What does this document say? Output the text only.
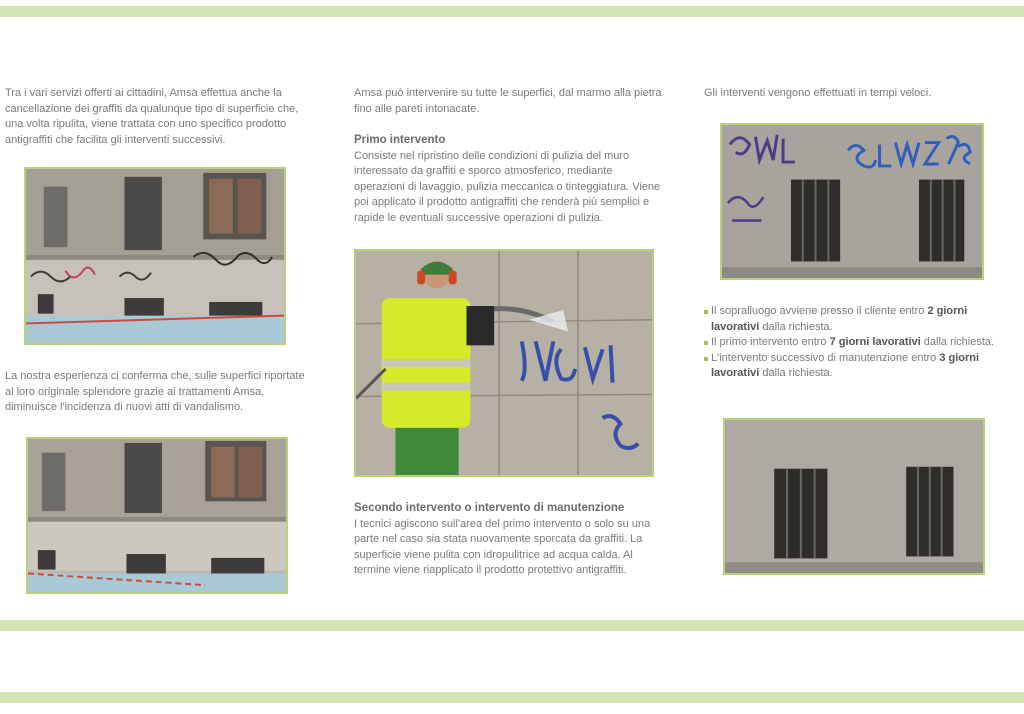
Tra i vari servizi offerti ai cittadini, Amsa effettua anche la cancellazione dei graffiti da qualunque tipo di superficie che, una volta ripulita, viene trattata con uno specifico prodotto antigraffiti che facilita gli interventi successivi.

La nostra esperienza ci conferma che, sulle superfici riportate al loro originale splendore grazie ai trattamenti Amsa, diminuisce l'incidenza di nuovi atti di vandalismo.

Amsa può intervenire su tutte le superfici, dal marmo alla pietra fino alle pareti intonacate.

Primo intervento

Consiste nel ripristino delle condizioni di pulizia del muro interessato da graffiti e sporco atmosferico, mediante operazioni di lavaggio, pulizia meccanica o tinteggiatura. Viene poi applicato il prodotto antigraffiti che renderà più semplici e rapide le eventuali successive operazioni di pulizia.

Secondo intervento o intervento di manutenzione

I tecnici agiscono sull'area del primo intervento o solo su una parte nel caso sia stata nuovamente sporcata da graffiti. La superficie viene pulita con idropulitrice ad acqua calda. Al termine viene riapplicato il prodotto protettivo antigraffiti.

Gli interventi vengono effettuati in tempi veloci.

Il sopralluogo avviene presso il cliente entro 2 giorni lavorativi dalla richiesta.
Il primo intervento entro 7 giorni lavorativi dalla richiesta.
L'intervento successivo di manutenzione entro 3 giorni lavorativi dalla richiesta.
